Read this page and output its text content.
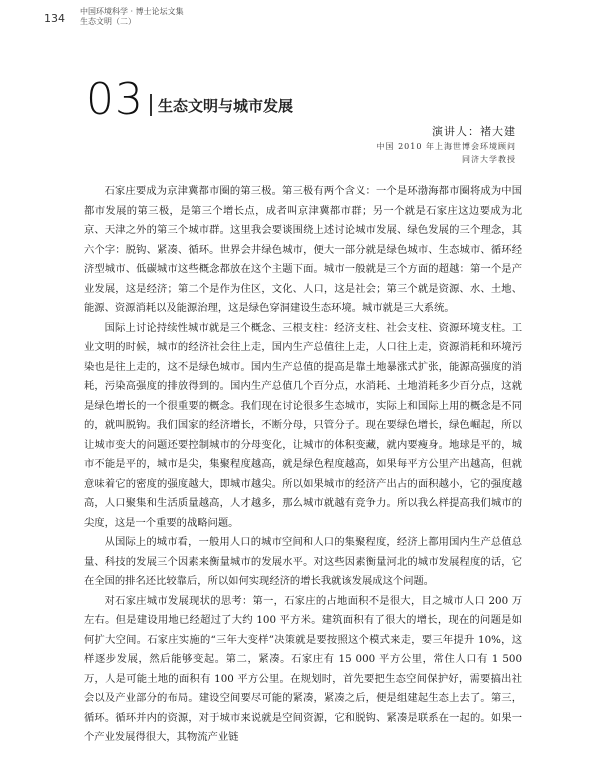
134
中国环境科学 · 博士论坛文集
生态文明（二）
03 生态文明与城市发展
演讲人：褚大建
中国 2010 年上海世博会环境顾问
同济大学教授

石家庄要成为京津冀都市圈的第三极。第三极有两个含义：一个是环渤海都市圈将成为中国都市发展的第三极，是第三个增长点，成者叫京津冀都市群；另一个就是石家庄这边要成为北京、天津之外的第三个城市群。这里我会要谈围绕上述讨论城市发展、绿色发展的三个理念，其六个字：脱钩、紧凑、循环。世界会井绿色城市，便大一部分就是绿色城市、生态城市、循环经济型城市、低碳城市这些概念都放在这个主题下面。城市一般就是三个方面的超越：第一个是产业发展，这是经济；第二个是作为住区，文化、人口，这是社会；第三个就是资源、水、土地、能源、资源消耗以及能源治理，这是绿色穿洞建设生态环境。城市就是三大系统。

国际上讨论持续性城市就是三个概念、三根支柱：经济支柱、社会支柱、资源环境支柱。工业文明的时候，城市的经济社会往上走，国内生产总值往上走，人口往上走，资源消耗和环境污染也是往上走的，这不是绿色城市。国内生产总值的提高是靠土地暴涨式扩张，能源高强度的消耗，污染高强度的排放得到的。国内生产总值几个百分点，水消耗、土地消耗多少百分点，这就是绿色增长的一个很重要的概念。我们现在讨论很多生态城市，实际上和国际上用的概念是不同的，就叫脱钩。我们国家的经济增长，不断分母，只管分子。现在要绿色增长，绿色崛起，所以让城市变大的问题还要控制城市的分母变化，让城市的体积变藏，就内要瘦身。地球是平的，城市不能是平的，城市是尖，集聚程度越高，就是绿色程度越高，如果每平方公里产出越高，但就意味着它的密度的强度越大，即城市越尖。所以如果城市的经济产出占的面积越小，它的强度越高，人口聚集和生活质量越高，人才越多，那么城市就越有竞争力。所以我么样提高我们城市的尖度，这是一个重要的战略问题。

从国际上的城市看，一般用人口的城市空间和人口的集聚程度，经济上都用国内生产总值总量、科技的发展三个因素来衡量城市的发展水平。对这些因素衡量河北的城市发展程度的话，它在全国的排名还比较靠后，所以如何实现经济的增长我就该发展成这个问题。

对石家庄城市发展现状的思考：第一，石家庄的占地面积不是很大，目之城市人口 200 万左右。但是建设用地已经超过了大约 100 平方米。建筑面积有了很大的增长，现在的问题是如何扩大空间。石家庄实施的“三年大变样”决策就是要按照这个模式来走，要三年提升 10%，这样逐步发展，然后能够变起。第二，紧凑。石家庄有 15 000 平方公里，常住人口有 1 500 万，人是可能土地的面积有 100 平方公里。在规划时，首先要把生态空间保护好，需要搞出社会以及产业部分的布局。建设空间要尽可能的紧凑，紧凑之后，便是组建起生态上去了。第三，循环。循环并内的资源，对于城市来说就是空间资源，它和脱钩、紧凑是联系在一起的。如果一个产业发展得很大，其物流产业链
